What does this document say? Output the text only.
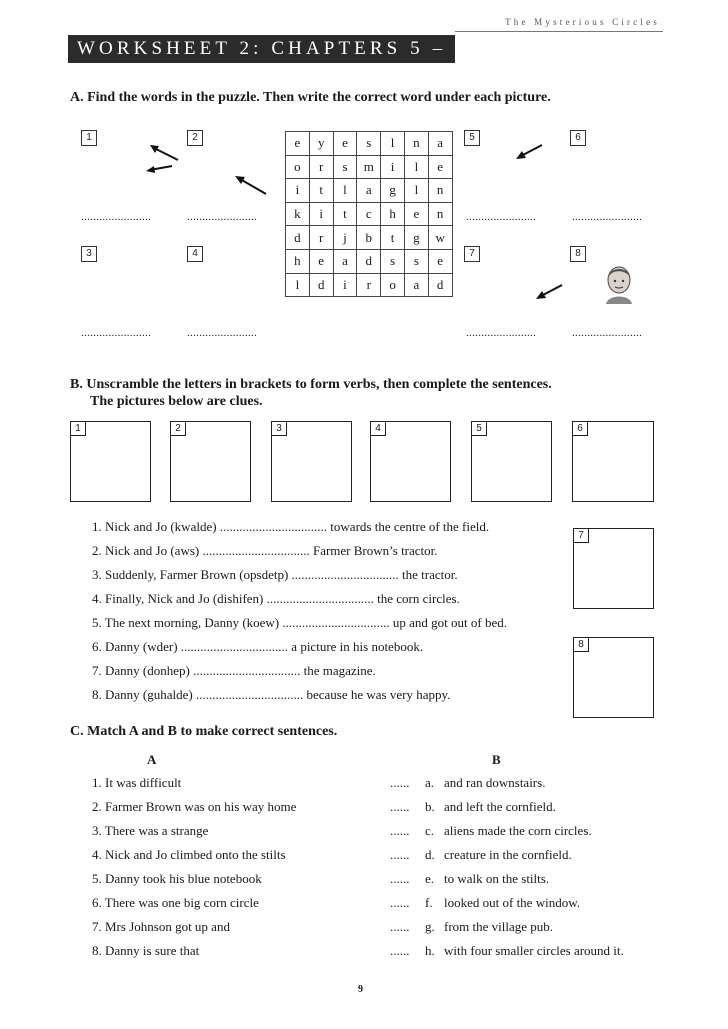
The Mysterious Circles
WORKSHEET 2: CHAPTERS 5 – 8
A. Find the words in the puzzle. Then write the correct word under each picture.
1	2
3	4
5	6
7	8
.......................	.......................	.......................	.......................
.......................	.......................	.......................	.......................
e	y	e	s	l	n	a
o	r	s	m	i	l	e
i	t	l	a	g	l	n
k	i	t	c	h	e	n
d	r	j	b	t	g	w
h	e	a	d	s	s	e
l	d	i	r	o	a	d
B. Unscramble the letters in brackets to form verbs, then complete the sentences.
The pictures below are clues.
1	2	3	4	5	6
7
8
1. Nick and Jo (kwalde) ................................. towards the centre of the field.
2. Nick and Jo (aws) ................................. Farmer Brown’s tractor.
3. Suddenly, Farmer Brown (opsdetp) ................................. the tractor.
4. Finally, Nick and Jo (dishifen) ................................. the corn circles.
5. The next morning, Danny (koew) ................................. up and got out of bed.
6. Danny (wder) ................................. a picture in his notebook.
7. Danny (donhep) ................................. the magazine.
8. Danny (guhalde) ................................. because he was very happy.
C. Match A and B to make correct sentences.
A	B
1. It was difficult	...... a. and ran downstairs.
2. Farmer Brown was on his way home	...... b. and left the cornfield.
3. There was a strange	...... c. aliens made the corn circles.
4. Nick and Jo climbed onto the stilts	...... d. creature in the cornfield.
5. Danny took his blue notebook	...... e. to walk on the stilts.
6. There was one big corn circle	...... f. looked out of the window.
7. Mrs Johnson got up and	...... g. from the village pub.
8. Danny is sure that	...... h. with four smaller circles around it.
9
